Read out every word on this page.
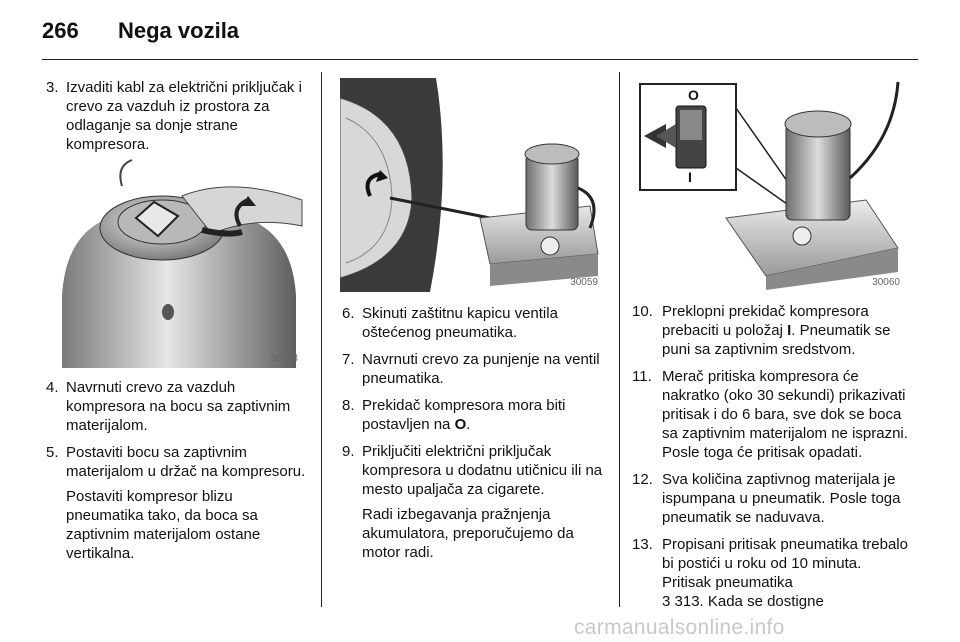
266 Nega vozila
3. Izvaditi kabl za električni priključak i crevo za vazduh iz prostora za odlaganje sa donje strane kompresora.

30058
4. Navrnuti crevo za vazduh kompresora na bocu sa zaptivnim materijalom.

5. Postaviti bocu sa zaptivnim materijalom u držač na kompresoru.

Postaviti kompresor blizu pneumatika tako, da boca sa zaptivnim materijalom ostane vertikalna.

30059
6. Skinuti zaštitnu kapicu ventila oštećenog pneumatika.

7. Navrnuti crevo za punjenje na ventil pneumatika.

8. Prekidač kompresora mora biti postavljen na O.

9. Priključiti električni priključak kompresora u dodatnu utičnicu ili na mesto upaljača za cigarete.

Radi izbegavanja pražnjenja akumulatora, preporučujemo da motor radi.

O
I
30060
10. Preklopni prekidač kompresora prebaciti u položaj I. Pneumatik se puni sa zaptivnim sredstvom.

11. Merač pritiska kompresora će nakratko (oko 30 sekundi) prikazivati pritisak i do 6 bara, sve dok se boca sa zaptivnim materijalom ne isprazni. Posle toga će pritisak opadati.

12. Sva količina zaptivnog materijala je ispumpana u pneumatik. Posle toga pneumatik se naduvava.

13. Propisani pritisak pneumatika trebalo bi postići u roku od 10 minuta. Pritisak pneumatika

3 313. Kada se dostigne

carmanualsonline.info
